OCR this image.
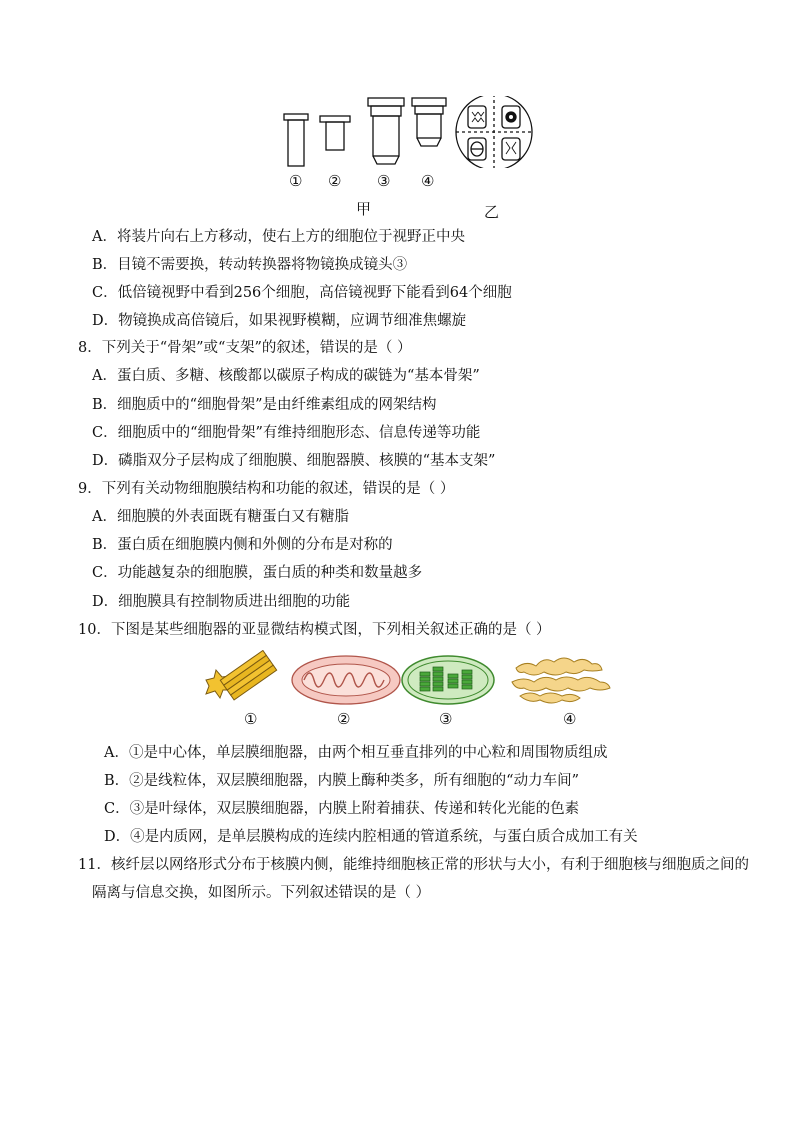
① ② ③ ④
甲	乙
A．将装片向右上方移动，使右上方的细胞位于视野正中央
B．目镜不需要换，转动转换器将物镜换成镜头③
C．低倍镜视野中看到256个细胞，高倍镜视野下能看到64个细胞
D．物镜换成高倍镜后，如果视野模糊，应调节细准焦螺旋
8．下列关于“骨架”或“支架”的叙述，错误的是（ ）
A．蛋白质、多糖、核酸都以碳原子构成的碳链为“基本骨架”
B．细胞质中的“细胞骨架”是由纤维素组成的网架结构
C．细胞质中的“细胞骨架”有维持细胞形态、信息传递等功能
D．磷脂双分子层构成了细胞膜、细胞器膜、核膜的“基本支架”
9．下列有关动物细胞膜结构和功能的叙述，错误的是（ ）
A．细胞膜的外表面既有糖蛋白又有糖脂
B．蛋白质在细胞膜内侧和外侧的分布是对称的
C．功能越复杂的细胞膜，蛋白质的种类和数量越多
D．细胞膜具有控制物质进出细胞的功能
10．下图是某些细胞器的亚显微结构模式图，下列相关叙述正确的是（ ）
①	②	③	④
A．①是中心体，单层膜细胞器，由两个相互垂直排列的中心粒和周围物质组成
B．②是线粒体，双层膜细胞器，内膜上酶种类多，所有细胞的“动力车间”
C．③是叶绿体，双层膜细胞器，内膜上附着捕获、传递和转化光能的色素
D．④是内质网，是单层膜构成的连续内腔相通的管道系统，与蛋白质合成加工有关
11．核纤层以网络形式分布于核膜内侧，能维持细胞核正常的形状与大小，有利于细胞核与细胞质之间的
隔离与信息交换，如图所示。下列叙述错误的是（ ）
